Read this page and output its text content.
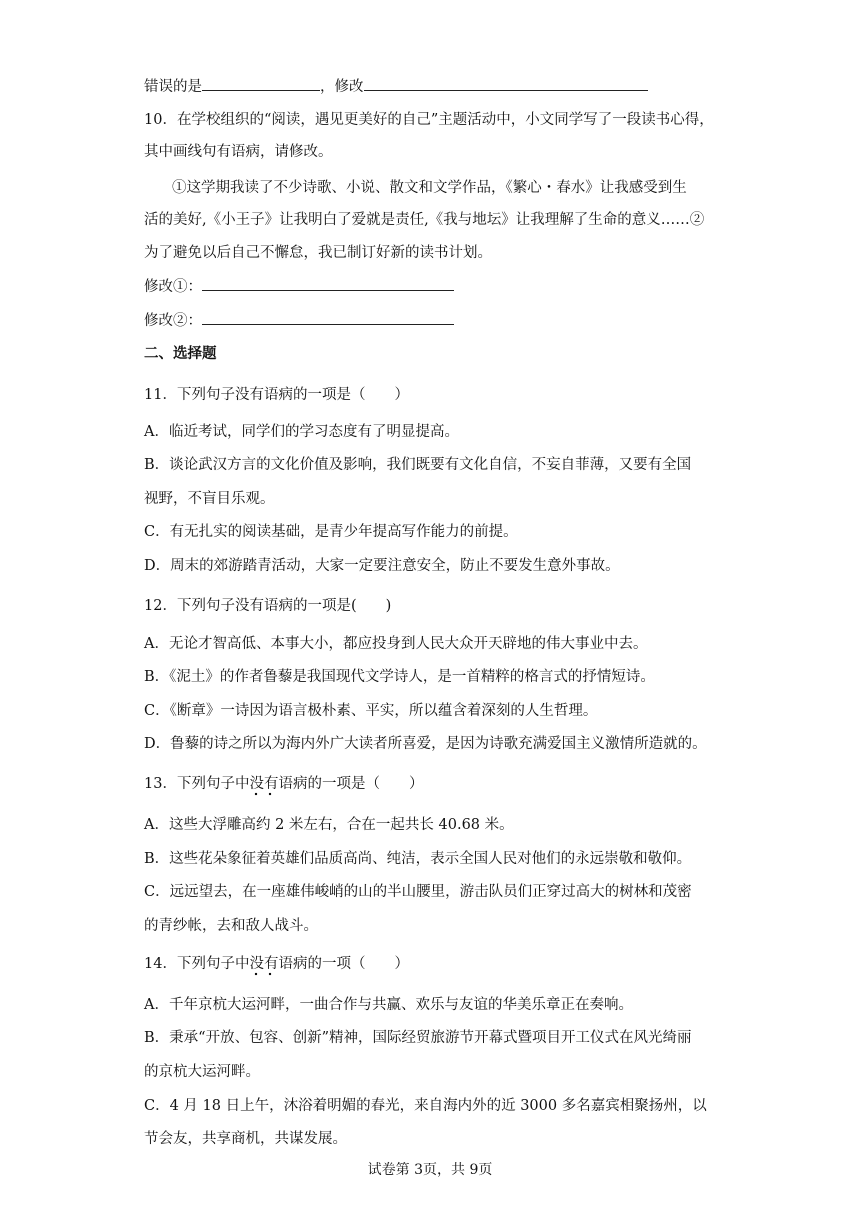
错误的是	，修改
10．在学校组织的“阅读，遇见更美好的自己”主题活动中，小文同学写了一段读书心得，
其中画线句有语病，请修改。
①这学期我读了不少诗歌、小说、散文和文学作品，《繁心・春水》让我感受到生
活的美好,《小王子》让我明白了爱就是责任,《我与地坛》让我理解了生命的意义……②
为了避免以后自己不懈怠，我已制订好新的读书计划。
修改①：
修改②：
二、选择题
11．下列句子没有语病的一项是（　　）
A．临近考试，同学们的学习态度有了明显提高。
B．谈论武汉方言的文化价值及影响，我们既要有文化自信，不妄自菲薄，又要有全国
视野，不盲目乐观。
C．有无扎实的阅读基础，是青少年提高写作能力的前提。
D．周末的郊游踏青活动，大家一定要注意安全，防止不要发生意外事故。
12．下列句子没有语病的一项是(　　)
A．无论才智高低、本事大小，都应投身到人民大众开天辟地的伟大事业中去。
B．《泥土》的作者鲁藜是我国现代文学诗人，是一首精粹的格言式的抒情短诗。
C．《断章》一诗因为语言极朴素、平实，所以蕴含着深刻的人生哲理。
D．鲁藜的诗之所以为海内外广大读者所喜爱，是因为诗歌充满爱国主义激情所造就的。
13．下列句子中没有语病的一项是（　　）
A．这些大浮雕高约 2 米左右，合在一起共长 40.68 米。
B．这些花朵象征着英雄们品质高尚、纯洁，表示全国人民对他们的永远崇敬和敬仰。
C．远远望去，在一座雄伟峻峭的山的半山腰里，游击队员们正穿过高大的树林和茂密
的青纱帐，去和敌人战斗。
14．下列句子中没有语病的一项（　　）
A．千年京杭大运河畔，一曲合作与共赢、欢乐与友谊的华美乐章正在奏响。
B．秉承“开放、包容、创新”精神，国际经贸旅游节开幕式暨项目开工仪式在风光绮丽
的京杭大运河畔。
C．4 月 18 日上午，沐浴着明媚的春光，来自海内外的近 3000 多名嘉宾相聚扬州，以
节会友，共享商机，共谋发展。
试卷第 3页，共 9页
